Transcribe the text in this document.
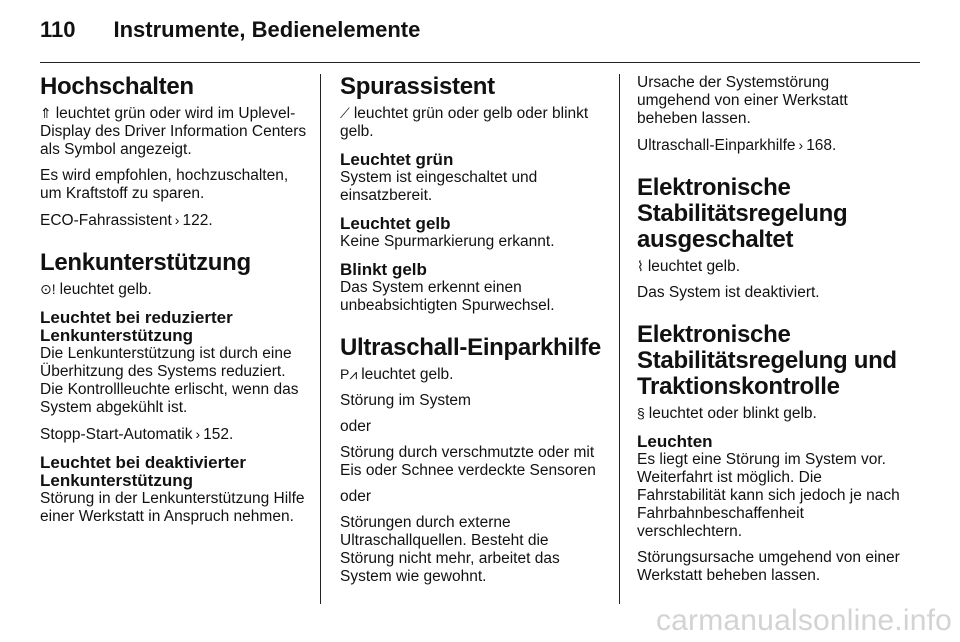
110 Instrumente, Bedienelemente
Hochschalten

⇑ leuchtet grün oder wird im Uplevel-Display des Driver Information Centers als Symbol angezeigt.

Es wird empfohlen, hochzuschalten, um Kraftstoff zu sparen.

ECO-Fahrassistent › 122.

Lenkunterstützung

⊙! leuchtet gelb.

Leuchtet bei reduzierter Lenkunterstützung

Die Lenkunterstützung ist durch eine Überhitzung des Systems reduziert. Die Kontrollleuchte erlischt, wenn das System abgekühlt ist.

Stopp-Start-Automatik › 152.

Leuchtet bei deaktivierter Lenkunterstützung

Störung in der Lenkunterstützung Hilfe einer Werkstatt in Anspruch nehmen.

Spurassistent

⟋ leuchtet grün oder gelb oder blinkt gelb.

Leuchtet grün

System ist eingeschaltet und einsatzbereit.

Leuchtet gelb

Keine Spurmarkierung erkannt.

Blinkt gelb

Das System erkennt einen unbeabsichtigten Spurwechsel.

Ultraschall-Einparkhilfe

P⩘ leuchtet gelb.

Störung im System

oder

Störung durch verschmutzte oder mit Eis oder Schnee verdeckte Sensoren

oder

Störungen durch externe Ultraschallquellen. Besteht die Störung nicht mehr, arbeitet das System wie gewohnt.

Ursache der Systemstörung umgehend von einer Werkstatt beheben lassen.

Ultraschall-Einparkhilfe › 168.

Elektronische Stabilitätsregelung ausgeschaltet

⌇ leuchtet gelb.

Das System ist deaktiviert.

Elektronische Stabilitätsregelung und Traktionskontrolle

§ leuchtet oder blinkt gelb.

Leuchten

Es liegt eine Störung im System vor. Weiterfahrt ist möglich. Die Fahrstabilität kann sich jedoch je nach Fahrbahnbeschaffenheit verschlechtern.

Störungsursache umgehend von einer Werkstatt beheben lassen.

carmanualsonline.info
